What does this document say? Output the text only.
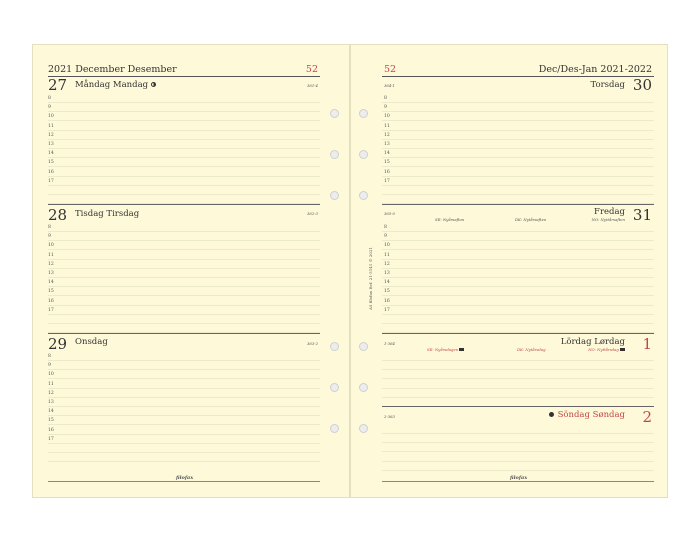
2021 December Desember	52
27 Måndag Mandag	361-4
8
9
10
11
12
13
14
15
16
17
28 Tisdag Tirsdag	362-3
8
9
10
11
12
13
14
15
16
17
29 Onsdag	363-2
8
9
10
11
12
13
14
15
16
17
filofax
52	Dec/Des-Jan 2021-2022
364-1	Torsdag 30
8
9
10
11
12
13
14
15
16
17
365-0
SE: Nyårsafton	DK: Nytårsaften	NO: Nyttårsaften
Fredag 31
8
9
10
11
12
13
14
15
16
17
1-364
SE: Nyårsdagen	DK: Nytårsdag	NO: Nyttårsdag
Lördag Lørdag 1
2-363	Söndag Søndag 2
filofax
A5 filofax Ref. 21-5141 © 2021
